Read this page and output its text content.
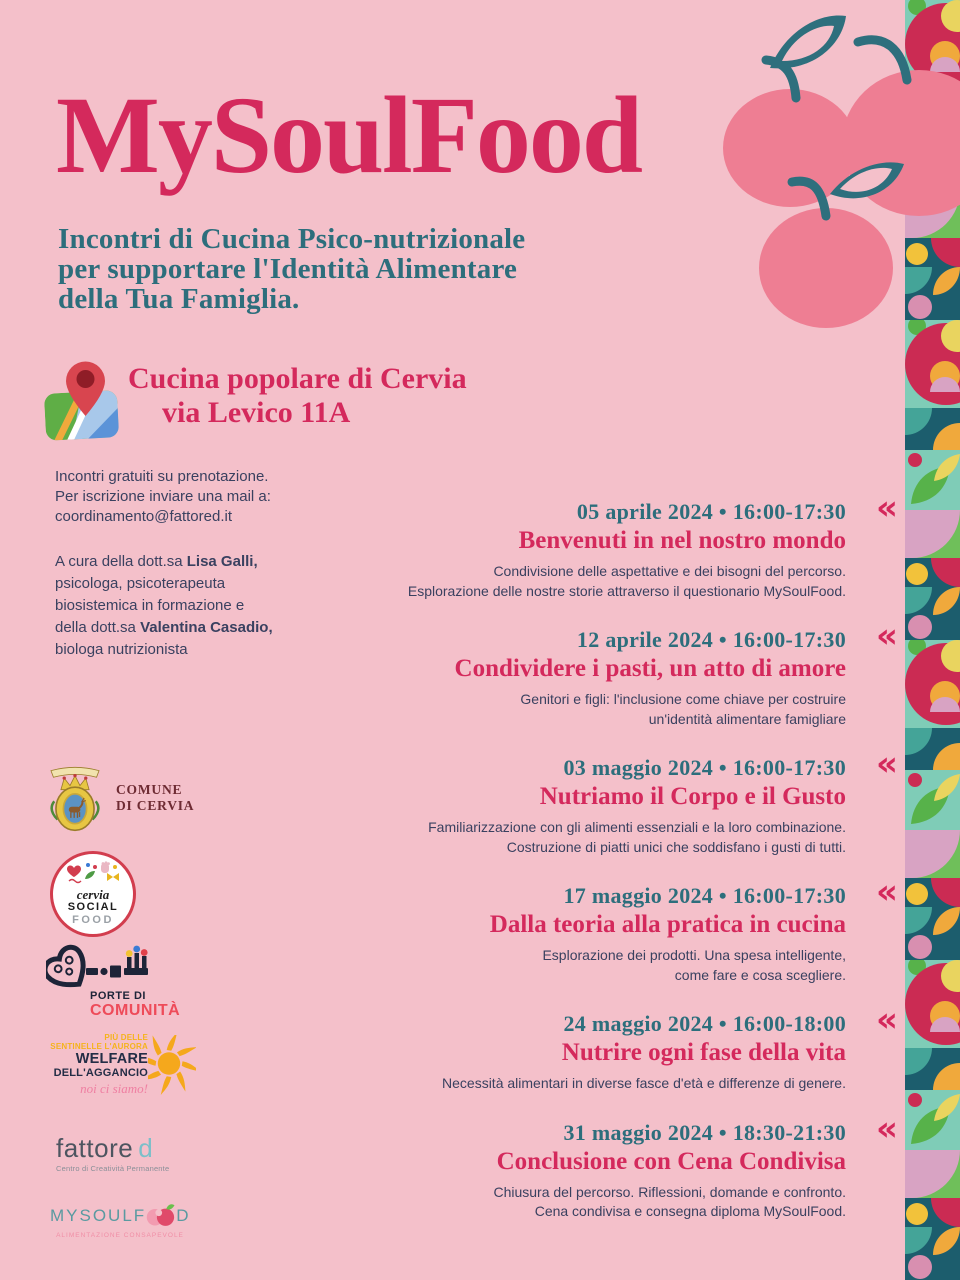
MySoulFood
Incontri di Cucina Psico-nutrizionale
per supportare l'Identità Alimentare
della Tua Famiglia.
Cucina popolare di Cervia
via Levico 11A
Incontri gratuiti su prenotazione.
Per iscrizione inviare una mail a:
coordinamento@fattored.it
A cura della dott.sa Lisa Galli,
psicologa, psicoterapeuta
biosistemica in formazione e
della dott.sa Valentina Casadio,
biologa nutrizionista
«
05 aprile 2024 • 16:00-17:30
Benvenuti in nel nostro mondo
Condivisione delle aspettative e dei bisogni del percorso.
Esplorazione delle nostre storie attraverso il questionario MySoulFood.
«
12 aprile 2024 • 16:00-17:30
Condividere i pasti, un atto di amore
Genitori e figli: l'inclusione come chiave per costruire
un'identità alimentare famigliare
«
03 maggio 2024 • 16:00-17:30
Nutriamo il Corpo e il Gusto
Familiarizzazione con gli alimenti essenziali e la loro combinazione.
Costruzione di piatti unici che soddisfano i gusti di tutti.
«
17 maggio 2024 • 16:00-17:30
Dalla teoria alla pratica in cucina
Esplorazione dei prodotti. Una spesa intelligente,
come fare e cosa scegliere.
«
24 maggio 2024 • 16:00-18:00
Nutrire ogni fase della vita
Necessità alimentari in diverse fasce d'età e differenze di genere.
«
31 maggio 2024 • 18:30-21:30
Conclusione con Cena Condivisa
Chiusura del percorso. Riflessioni, domande e confronto.
Cena condivisa e consegna diploma MySoulFood.
COMUNE
DI CERVIA
cervia
SOCIAL
FOOD
PORTE DI
COMUNITÀ
PIÙ DELLE
SENTINELLE L'AURORA
WELFARE
DELL'AGGANCIO
noi ci siamo!
fattore d
Centro di Creatività Permanente
MYSOULF D
ALIMENTAZIONE CONSAPEVOLE
